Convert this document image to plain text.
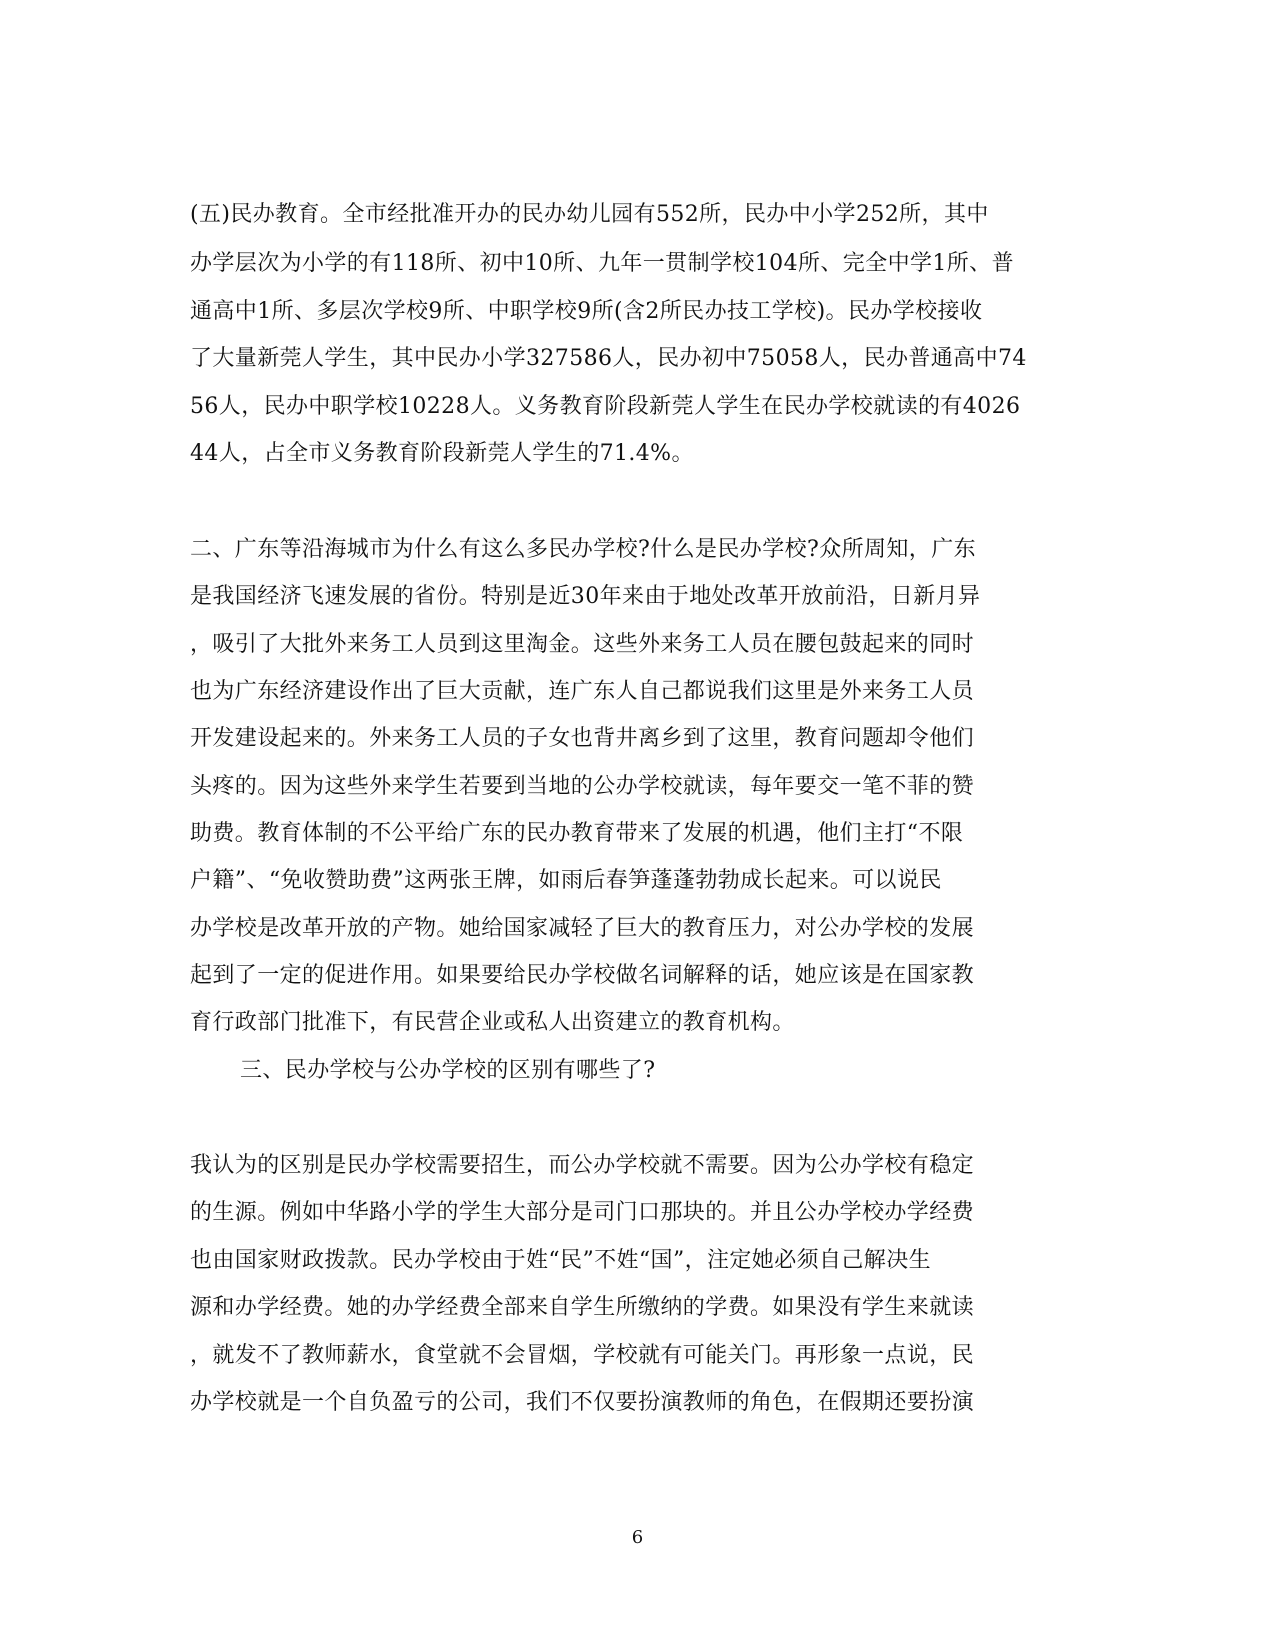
(五)民办教育。全市经批准开办的民办幼儿园有552所，民办中小学252所，其中
办学层次为小学的有118所、初中10所、九年一贯制学校104所、完全中学1所、普
通高中1所、多层次学校9所、中职学校9所(含2所民办技工学校)。民办学校接收
了大量新莞人学生，其中民办小学327586人，民办初中75058人，民办普通高中74
56人，民办中职学校10228人。义务教育阶段新莞人学生在民办学校就读的有4026
44人，占全市义务教育阶段新莞人学生的71.4%。
二、广东等沿海城市为什么有这么多民办学校?什么是民办学校?众所周知，广东
是我国经济飞速发展的省份。特别是近30年来由于地处改革开放前沿，日新月异
，吸引了大批外来务工人员到这里淘金。这些外来务工人员在腰包鼓起来的同时
也为广东经济建设作出了巨大贡献，连广东人自己都说我们这里是外来务工人员
开发建设起来的。外来务工人员的子女也背井离乡到了这里，教育问题却令他们
头疼的。因为这些外来学生若要到当地的公办学校就读，每年要交一笔不菲的赞
助费。教育体制的不公平给广东的民办教育带来了发展的机遇，他们主打“不限
户籍”、“免收赞助费”这两张王牌，如雨后春笋蓬蓬勃勃成长起来。可以说民
办学校是改革开放的产物。她给国家减轻了巨大的教育压力，对公办学校的发展
起到了一定的促进作用。如果要给民办学校做名词解释的话，她应该是在国家教
育行政部门批准下，有民营企业或私人出资建立的教育机构。
三、民办学校与公办学校的区别有哪些了?
我认为的区别是民办学校需要招生，而公办学校就不需要。因为公办学校有稳定
的生源。例如中华路小学的学生大部分是司门口那块的。并且公办学校办学经费
也由国家财政拨款。民办学校由于姓“民”不姓“国”，注定她必须自己解决生
源和办学经费。她的办学经费全部来自学生所缴纳的学费。如果没有学生来就读
，就发不了教师薪水，食堂就不会冒烟，学校就有可能关门。再形象一点说，民
办学校就是一个自负盈亏的公司，我们不仅要扮演教师的角色，在假期还要扮演
6
